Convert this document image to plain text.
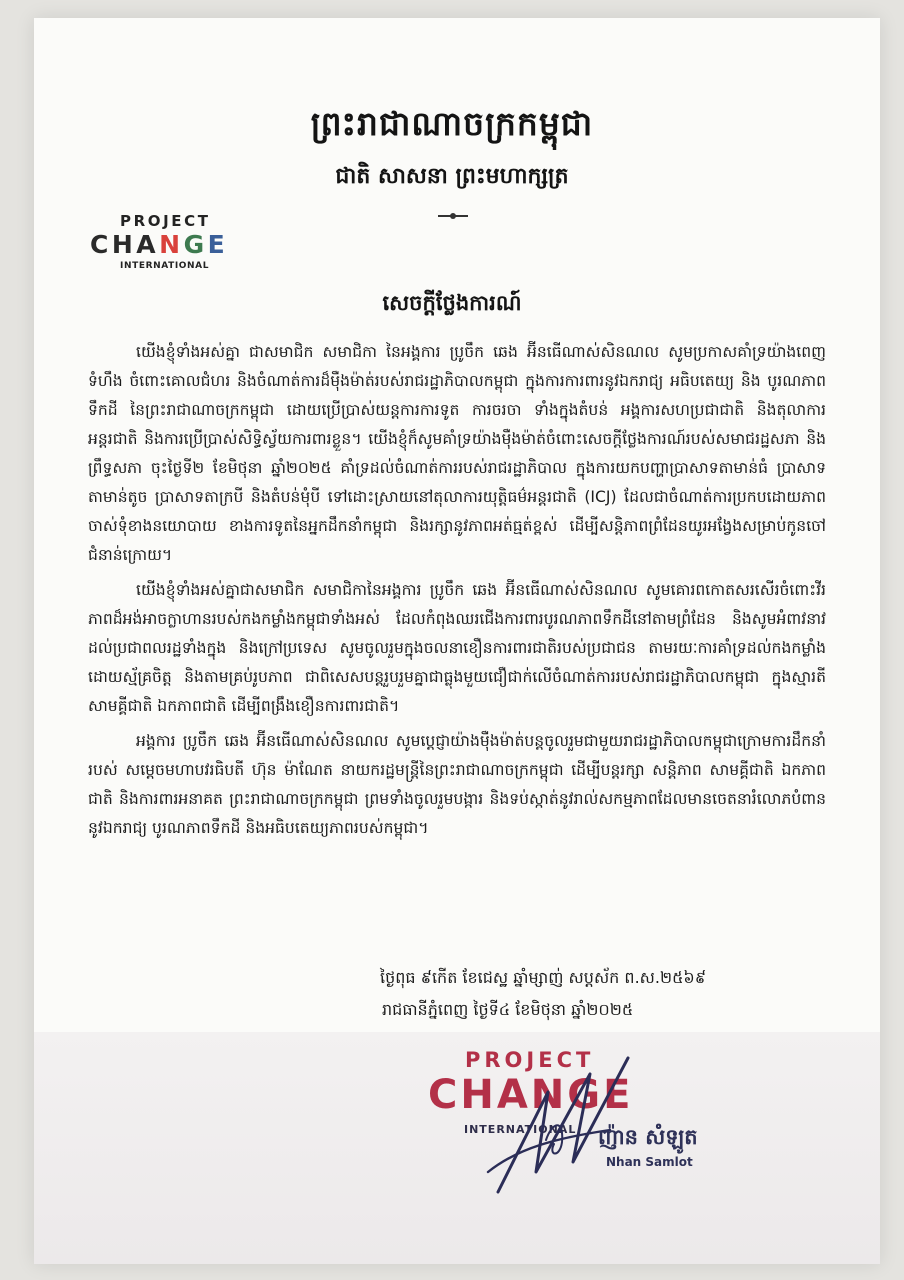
ព្រះរាជាណាចក្រកម្ពុជា
ជាតិ សាសនា ព្រះមហាក្សត្រ
PROJECT
CHANGE
INTERNATIONAL
សេចក្តីថ្លែងការណ៍

យើងខ្ញុំទាំងអស់គ្នា ជាសមាជិក សមាជិកា នៃអង្គការ ប្រូចឹក ឆេង អ៊ីនធើណាស់សិនណល សូមប្រកាសគាំទ្រយ៉ាងពេញទំហឹង ចំពោះគោលជំហរ និងចំណាត់ការដ៏ម៉ឺងម៉ាត់របស់រាជរដ្ឋាភិបាលកម្ពុជា ក្នុងការការពារនូវឯករាជ្យ អធិបតេយ្យ និង បូរណភាពទឹកដី នៃព្រះរាជាណាចក្រកម្ពុជា ដោយប្រើប្រាស់យន្តការការទូត ការចរចា ទាំងក្នុងតំបន់ អង្គការសហប្រជាជាតិ និងតុលាការអន្តរជាតិ និងការប្រើប្រាស់សិទ្ធិស្វ័យការពារខ្លួន។ យើងខ្ញុំក៏សូមគាំទ្រយ៉ាងម៉ឺងម៉ាត់ចំពោះសេចក្តីថ្លែងការណ៍របស់សមាជរដ្ឋសភា និង ព្រឹទ្ធសភា ចុះថ្ងៃទី២ ខែមិថុនា ឆ្នាំ២០២៥ គាំទ្រដល់ចំណាត់ការរបស់រាជរដ្ឋាភិបាល ក្នុងការយកបញ្ហាប្រាសាទតាមាន់ធំ ប្រាសាទតាមាន់តូច ប្រាសាទតាក្របី និងតំបន់មុំបី ទៅដោះស្រាយនៅតុលាការយុត្តិធម៌អន្តរជាតិ (ICJ) ដែលជាចំណាត់ការប្រកបដោយភាពចាស់ទុំខាងនយោបាយ ខាងការទូតនៃអ្នកដឹកនាំកម្ពុជា និងរក្សានូវភាពអត់ធ្មត់ខ្ពស់ ដើម្បីសន្តិភាពព្រំដែនយូរអង្វែងសម្រាប់កូនចៅជំនាន់ក្រោយ។

យើងខ្ញុំទាំងអស់គ្នាជាសមាជិក សមាជិកានៃអង្គការ ប្រូចឹក ឆេង អ៊ីនធើណាស់សិនណល សូមគោរពកោតសរសើរចំពោះវីរភាពដ៏អង់អាចក្លាហានរបស់កងកម្លាំងកម្ពុជាទាំងអស់ ដែលកំពុងឈរជើងការពារបូរណភាពទឹកដីនៅតាមព្រំដែន និងសូមអំពាវនាវដល់ប្រជាពលរដ្ឋទាំងក្នុង និងក្រៅប្រទេស សូមចូលរួមក្នុងចលនាខឿនការពារជាតិរបស់ប្រជាជន តាមរយៈការគាំទ្រដល់កងកម្លាំង ដោយស្ម័គ្រចិត្ត និងតាមគ្រប់រូបភាព ជាពិសេសបន្តរួបរួមគ្នាជាធ្លុងមួយជឿជាក់លើចំណាត់ការរបស់រាជរដ្ឋាភិបាលកម្ពុជា ក្នុងស្មារតីសាមគ្គីជាតិ ឯកភាពជាតិ ដើម្បីពង្រឹងខឿនការពារជាតិ។

អង្គការ ប្រូចឹក ឆេង អ៊ីនធើណាស់សិនណល សូមប្តេជ្ញាយ៉ាងម៉ឺងម៉ាត់បន្តចូលរួមជាមួយរាជរដ្ឋាភិបាលកម្ពុជាក្រោមការដឹកនាំរបស់ សម្តេចមហាបវរធិបតី ហ៊ុន ម៉ាណែត នាយករដ្ឋមន្ត្រីនៃព្រះរាជាណាចក្រកម្ពុជា ដើម្បីបន្តរក្សា សន្តិភាព សាមគ្គីជាតិ ឯកភាពជាតិ និងការពារអនាគត ព្រះរាជាណាចក្រកម្ពុជា ព្រមទាំងចូលរួមបង្ការ និងទប់ស្កាត់នូវរាល់សកម្មភាពដែលមានចេតនារំលោភបំពាននូវឯករាជ្យ បូរណភាពទឹកដី និងអធិបតេយ្យភាពរបស់កម្ពុជា។

ថ្ងៃពុធ ៩កើត ខែជេស្ឋ ឆ្នាំម្សាញ់ សប្តស័ក ព.ស.២៥៦៩
រាជធានីភ្នំពេញ ថ្ងៃទី៤ ខែមិថុនា ឆ្នាំ២០២៥
PROJECT
CHANGE
INTERNATIONAL ញ៉ាន សំឡូត
Nhan Samlot
